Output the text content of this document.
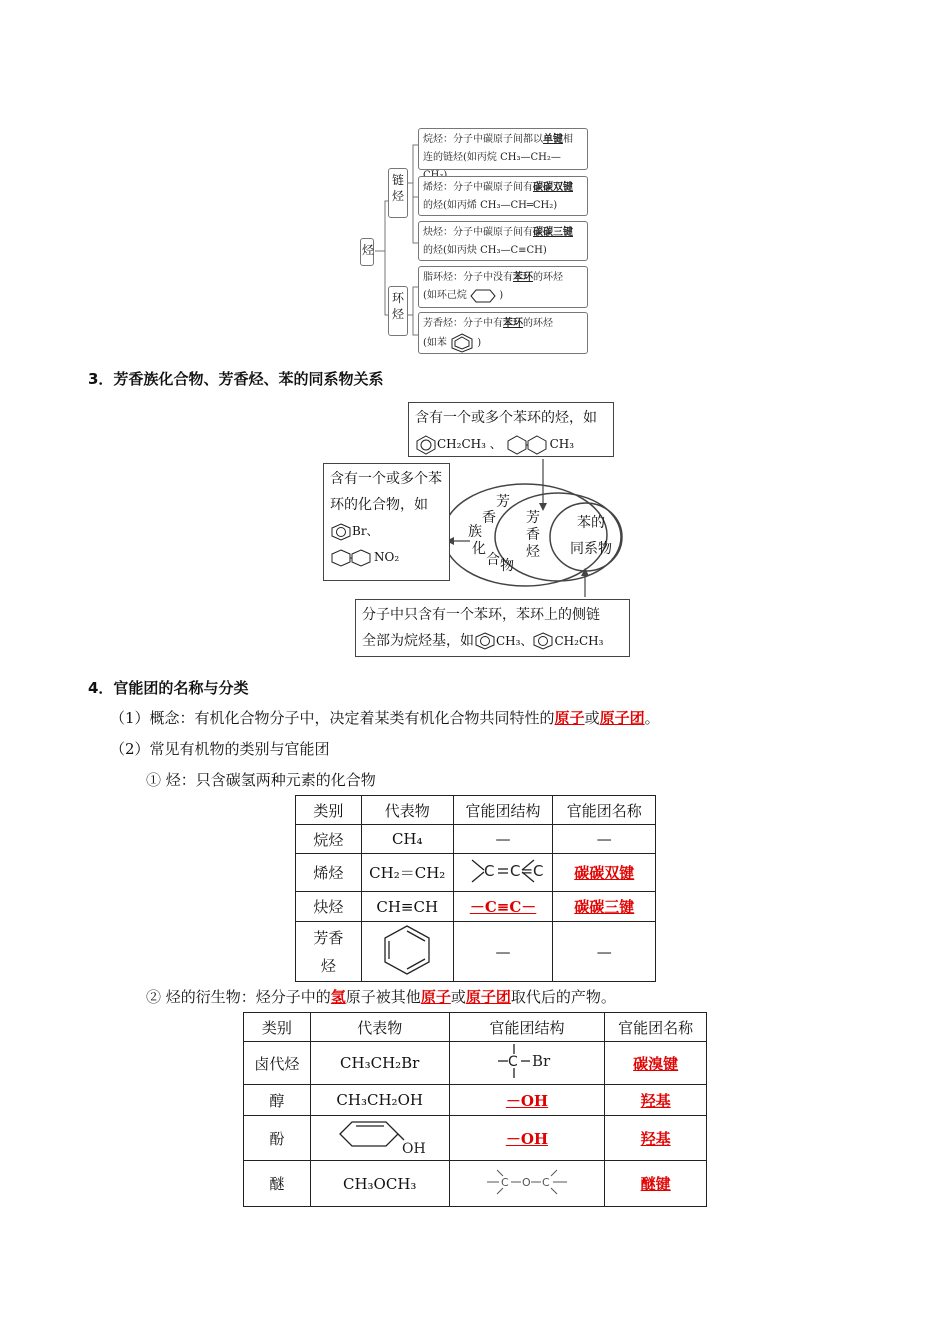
烃
链烃
环烃
烷烃：分子中碳原子间都以单键相
连的链烃(如丙烷 CH₃—CH₂—
烯烃：分子中碳原子间有碳碳双键
的烃(如丙烯 CH₃—CH═CH₂)
炔烃：分子中碳原子间有碳碳三键
的烃(如丙炔 CH₃—C≡CH)
脂环烃：分子中没有苯环的环烃
(如环己烷	)
芳香烃：分子中有苯环的环烃
(如苯	)
3．芳香族化合物、芳香烃、苯的同系物关系
含有一个或多个苯环的烃，如
CH₂CH₃ 、	CH₃
含有一个或多个苯
环的化合物，如
Br、
NO₂
芳
香
族
化
合 物
芳
香
烃
苯的
同系物
分子中只含有一个苯环，苯环上的侧链
全部为烷烃基，如 CH₃、 CH₂CH₃
4．官能团的名称与分类
（1）概念：有机化合物分子中，决定着某类有机化合物共同特性的原子或原子团。
（2）常见有机物的类别与官能团
① 烃：只含碳氢两种元素的化合物
类别	代表物	官能团结构	官能团名称
烷烃	CH₄	—	—
烯烃	CH₂＝CH₂	C C=C	碳碳双键
炔烃	CH≡CH	－C≡C－	碳碳三键
芳香烃		—	—
② 烃的衍生物：烃分子中的氢原子被其他原子或原子团取代后的产物。
类别	代表物	官能团结构	官能团名称
卤代烃	CH₃CH₂Br	C Br	碳溴键
醇	CH₃CH₂OH	－OH	羟基
酚	OH	－OH	羟基
醚	CH₃OCH₃	C O C	醚键
